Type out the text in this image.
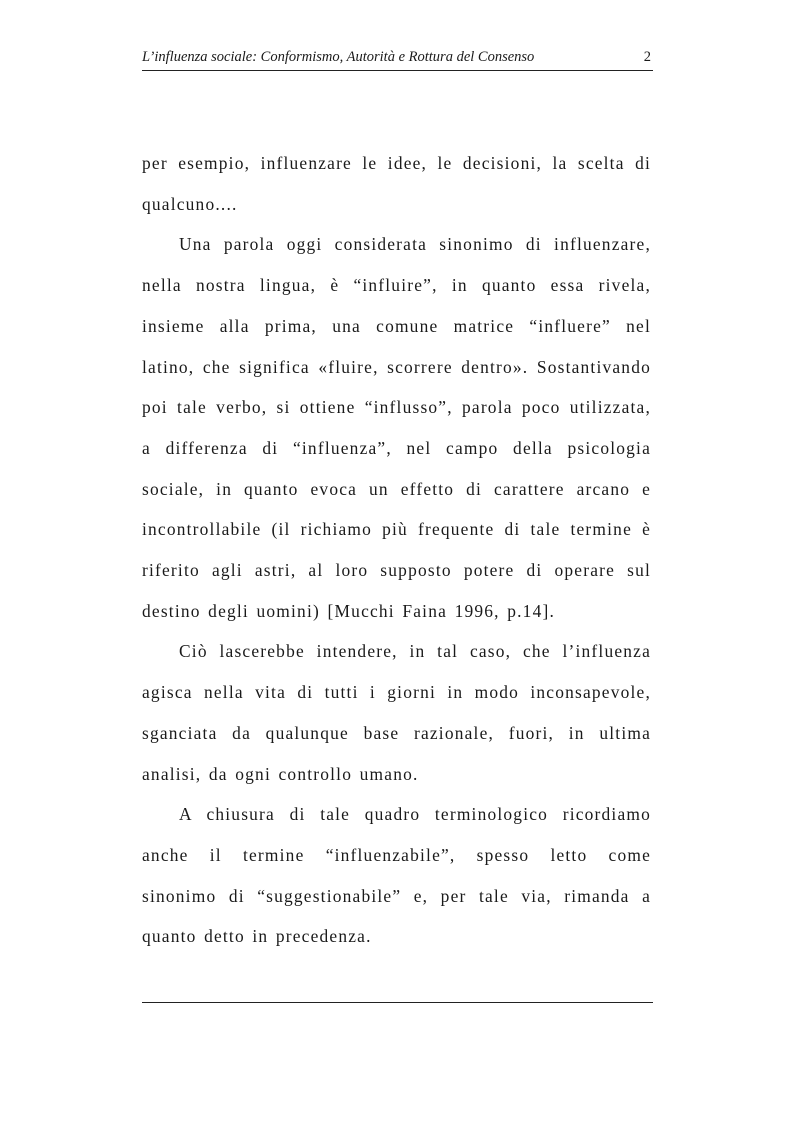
L’influenza sociale: Conformismo, Autorità e Rottura del Consenso	2

per esempio, influenzare le idee, le decisioni, la scelta di qualcuno....

Una parola oggi considerata sinonimo di influenzare, nella nostra lingua, è “influire”, in quanto essa rivela, insieme alla prima, una comune matrice “influere” nel latino, che significa «fluire, scorrere dentro». Sostantivando poi tale verbo, si ottiene “influsso”, parola poco utilizzata, a differenza di “influenza”, nel campo della psicologia sociale, in quanto evoca un effetto di carattere arcano e incontrollabile (il richiamo più frequente di tale termine è riferito agli astri, al loro supposto potere di operare sul destino degli uomini) [Mucchi Faina 1996, p.14].

Ciò lascerebbe intendere, in tal caso, che l’influenza agisca nella vita di tutti i giorni in modo inconsapevole, sganciata da qualunque base razionale, fuori, in ultima analisi, da ogni controllo umano.

A chiusura di tale quadro terminologico ricordiamo anche il termine “influenzabile”, spesso letto come sinonimo di “suggestionabile” e, per tale via, rimanda a quanto detto in precedenza.
